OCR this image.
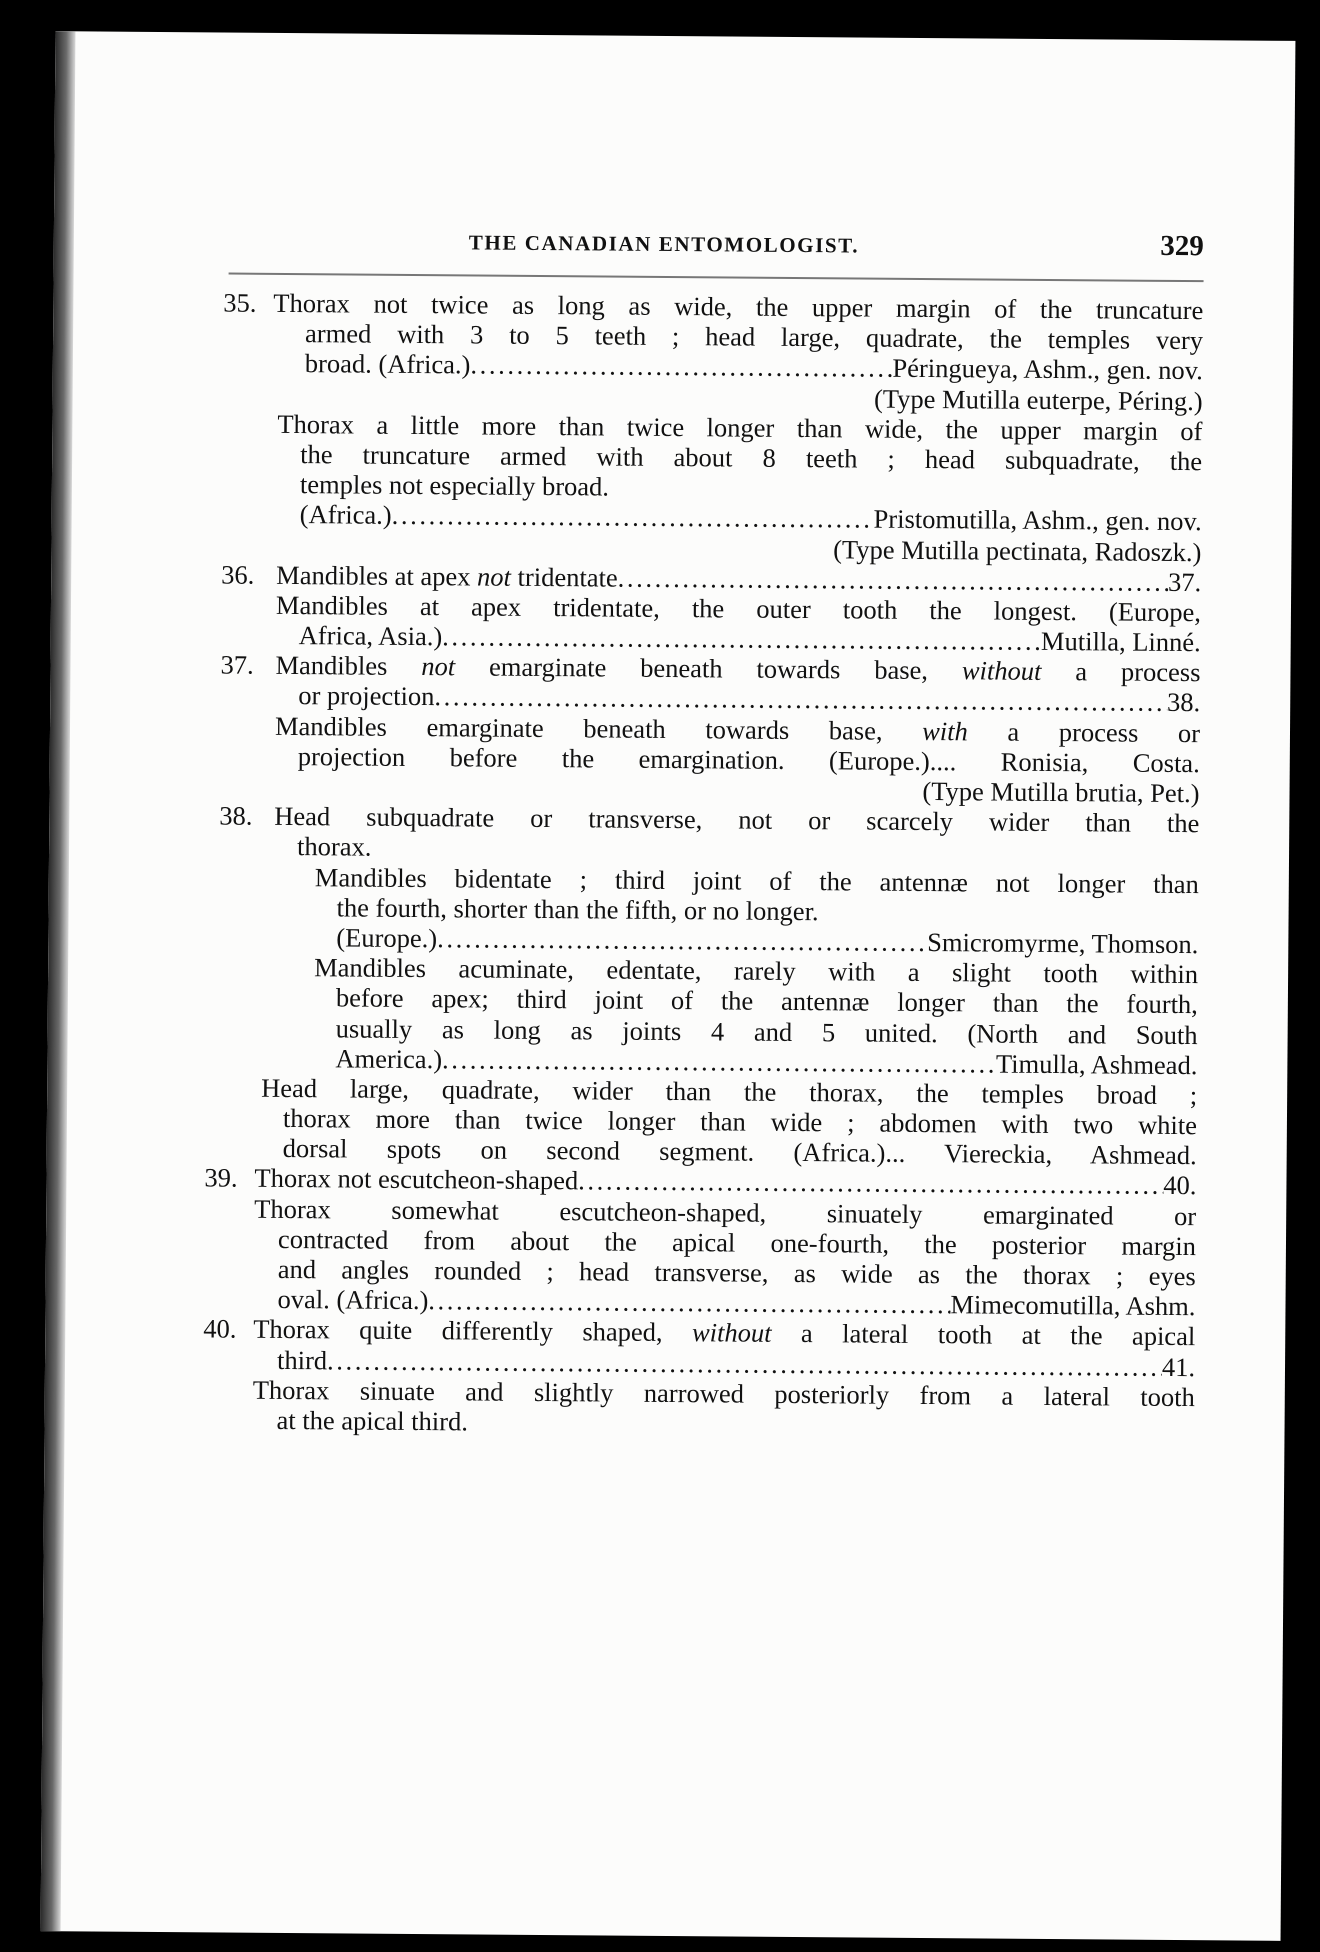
THE CANADIAN ENTOMOLOGIST.	329
35. Thorax not twice as long as wide, the upper margin of the truncature
armed with 3 to 5 teeth ; head large, quadrate, the temples very
broad. (Africa.) . . .	Péringueya, Ashm., gen. nov.
(Type Mutilla euterpe, Péring.)
Thorax a little more than twice longer than wide, the upper margin of
the truncature armed with about 8 teeth ; head subquadrate, the
temples not especially broad.
(Africa.) . . .	Pristomutilla, Ashm., gen. nov.
(Type Mutilla pectinata, Radoszk.)
36. Mandibles at apex
not
tridentate . . .	37.
Mandibles at apex tridentate, the outer tooth the longest. (Europe,
Africa, Asia.) . . .	Mutilla, Linné.
37. Mandibles not emarginate beneath towards base, without a process
or projection . . .	38.
Mandibles emarginate beneath towards base, with a process or
projection before the emargination. (Europe.).... Ronisia, Costa.
(Type Mutilla brutia, Pet.)
38. Head subquadrate or transverse, not or scarcely wider than the
thorax.
Mandibles bidentate ; third joint of the antennæ not longer than
the fourth, shorter than the fifth, or no longer.
(Europe.) . . .	Smicromyrme, Thomson.
Mandibles acuminate, edentate, rarely with a slight tooth within
before apex; third joint of the antennæ longer than the fourth,
usually as long as joints 4 and 5 united. (North and South
America.) . . .	Timulla, Ashmead.
Head large, quadrate, wider than the thorax, the temples broad ;
thorax more than twice longer than wide ; abdomen with two white
dorsal spots on second segment. (Africa.)... Viereckia, Ashmead.
39. Thorax not escutcheon-shaped . . .	40.
Thorax somewhat escutcheon-shaped, sinuately emarginated or
contracted from about the apical one-fourth, the posterior margin
and angles rounded ; head transverse, as wide as the thorax ; eyes
oval. (Africa.) . . .	Mimecomutilla, Ashm.
40. Thorax quite differently shaped, without a lateral tooth at the apical
third . . .	41.
Thorax sinuate and slightly narrowed posteriorly from a lateral tooth
at the apical third.
